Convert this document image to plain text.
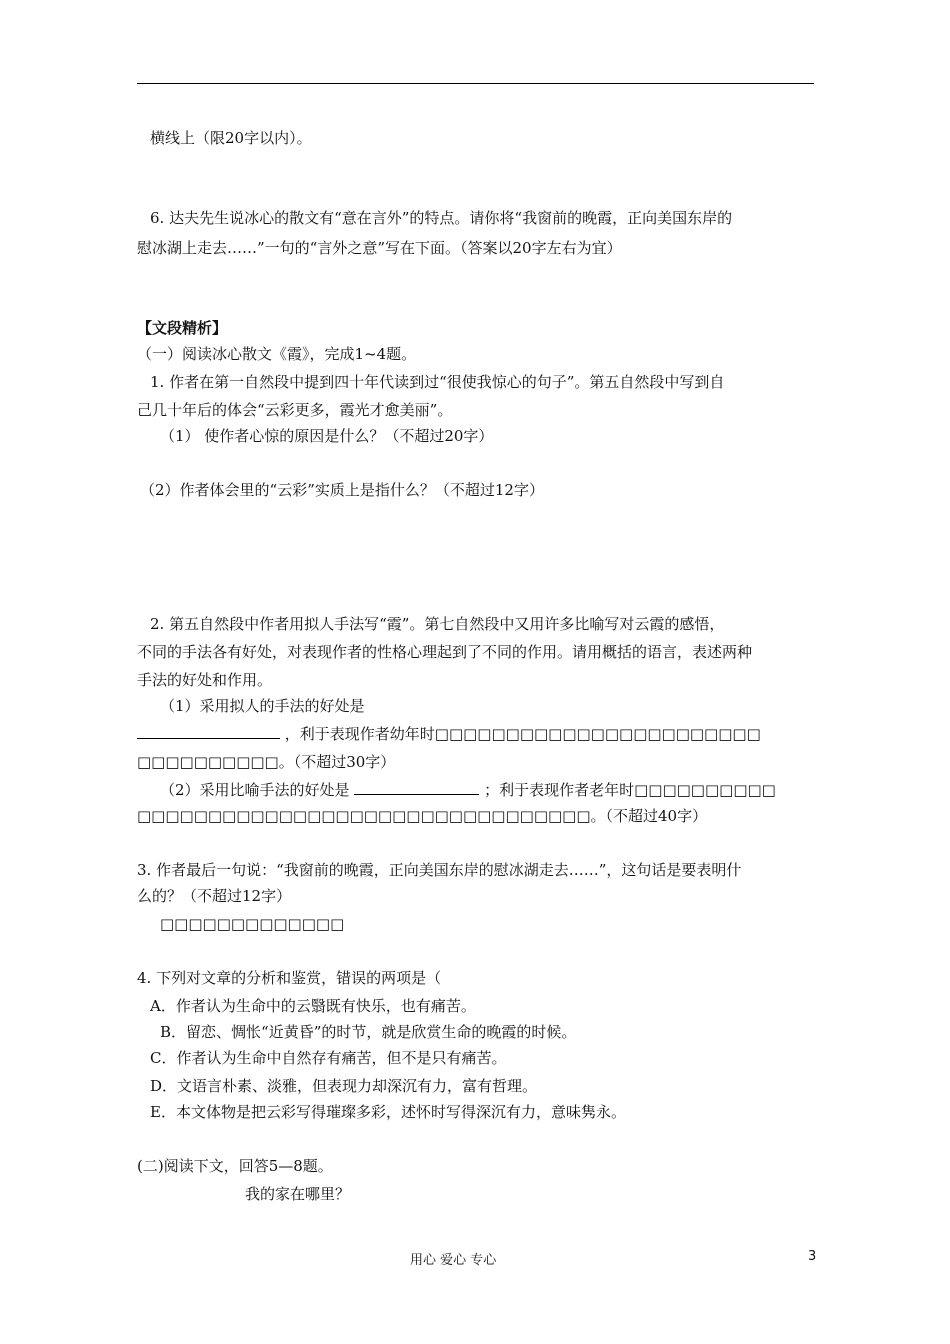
横线上（限20字以内）。
6. 达夫先生说冰心的散文有“意在言外”的特点。请你将“我窗前的晚霞，正向美国东岸的
慰冰湖上走去……”一句的“言外之意”写在下面。（答案以20字左右为宜）
【文段精析】
（一）阅读冰心散文《霞》，完成1~4题。
1. 作者在第一自然段中提到四十年代读到过“很使我惊心的句子”。第五自然段中写到自
己几十年后的体会“云彩更多，霞光才愈美丽”。
（1） 使作者心惊的原因是什么？（不超过20字）
（2）作者体会里的“云彩”实质上是指什么？（不超过12字）
2. 第五自然段中作者用拟人手法写“霞”。第七自然段中又用许多比喻写对云霞的感悟，
不同的手法各有好处，对表现作者的性格心理起到了不同的作用。请用概括的语言，表述两种
手法的好处和作用。
（1）采用拟人的手法的好处是
，利于表现作者幼年时□□□□□□□□□□□□□□□□□□□□□□□
□□□□□□□□□□。（不超过30字）
（2）采用比喻手法的好处是	；利于表现作者老年时□□□□□□□□□□
□□□□□□□□□□□□□□□□□□□□□□□□□□□□□□□□。（不超过40字）
3. 作者最后一句说：“我窗前的晚霞，正向美国东岸的慰冰湖走去……”，这句话是要表明什
么的？（不超过12字）
□□□□□□□□□□□□□
4. 下列对文章的分析和鉴赏，错误的两项是（
A．作者认为生命中的云翳既有快乐，也有痛苦。
B．留恋、惆怅“近黄昏”的时节，就是欣赏生命的晚霞的时候。
C．作者认为生命中自然存有痛苦，但不是只有痛苦。
D．文语言朴素、淡雅，但表现力却深沉有力，富有哲理。
E．本文体物是把云彩写得璀璨多彩，述怀时写得深沉有力，意味隽永。
(二)阅读下文，回答5—8题。
我的家在哪里？
用心 爱心 专心	3
